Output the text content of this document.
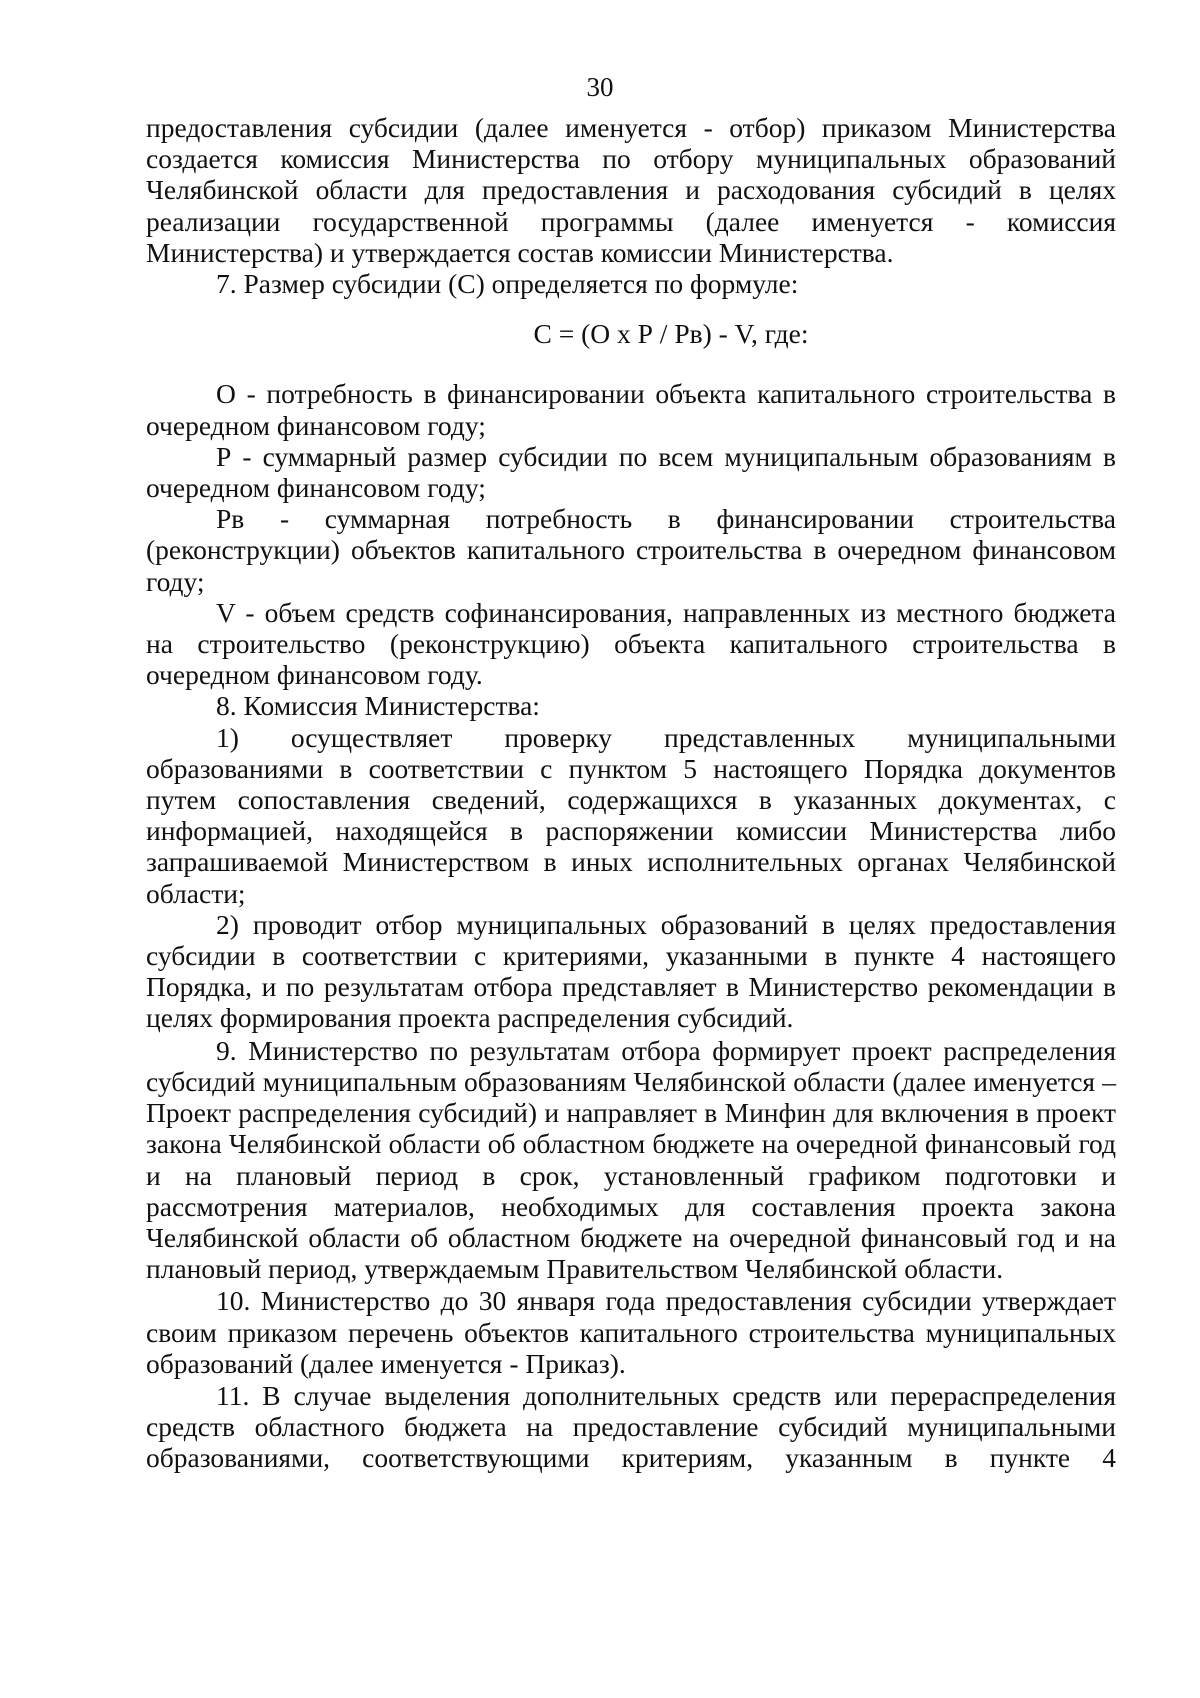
30

предоставления субсидии (далее именуется - отбор) приказом Министерства создается комиссия Министерства по отбору муниципальных образований Челябинской области для предоставления и расходования субсидий в целях реализации государственной программы (далее именуется - комиссия Министерства) и утверждается состав комиссии Министерства.

7. Размер субсидии (С) определяется по формуле:

С = (О х Р / Рв) - V, где:

О - потребность в финансировании объекта капитального строительства в очередном финансовом году;

Р - суммарный размер субсидии по всем муниципальным образованиям в очередном финансовом году;

Рв - суммарная потребность в финансировании строительства (реконструкции) объектов капитального строительства в очередном финансовом году;

V - объем средств софинансирования, направленных из местного бюджета на строительство (реконструкцию) объекта капитального строительства в очередном финансовом году.

8. Комиссия Министерства:

1) осуществляет проверку представленных муниципальными образованиями в соответствии с пунктом 5 настоящего Порядка документов путем сопоставления сведений, содержащихся в указанных документах, с информацией, находящейся в распоряжении комиссии Министерства либо запрашиваемой Министерством в иных исполнительных органах Челябинской области;

2) проводит отбор муниципальных образований в целях предоставления субсидии в соответствии с критериями, указанными в пункте 4 настоящего Порядка, и по результатам отбора представляет в Министерство рекомендации в целях формирования проекта распределения субсидий.

9. Министерство по результатам отбора формирует проект распределения субсидий муниципальным образованиям Челябинской области (далее именуется – Проект распределения субсидий) и направляет в Минфин для включения в проект закона Челябинской области об областном бюджете на очередной финансовый год и на плановый период в срок, установленный графиком подготовки и рассмотрения материалов, необходимых для составления проекта закона Челябинской области об областном бюджете на очередной финансовый год и на плановый период, утверждаемым Правительством Челябинской области.

10. Министерство до 30 января года предоставления субсидии утверждает своим приказом перечень объектов капитального строительства муниципальных образований (далее именуется - Приказ).

11. В случае выделения дополнительных средств или перераспределения средств областного бюджета на предоставление субсидий муниципальными образованиями, соответствующими критериям, указанным в пункте 4
